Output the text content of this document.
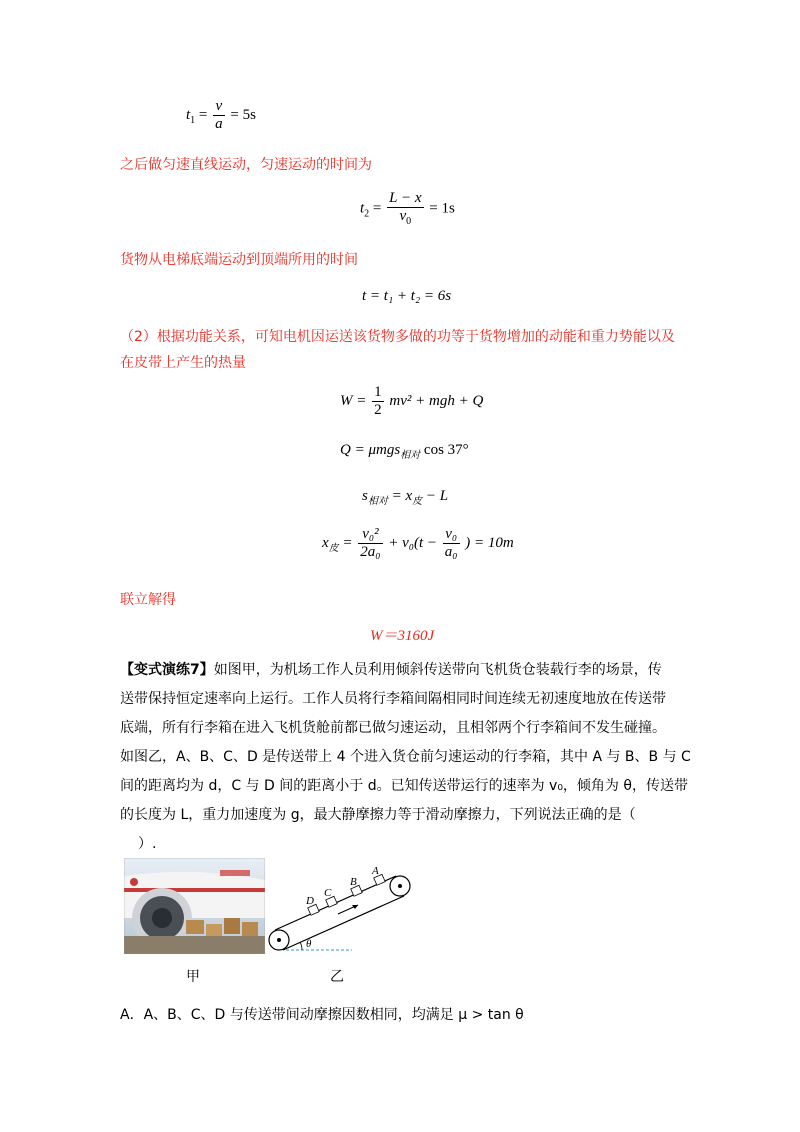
$t_1 = \frac{v}{a} = 5s$
之后做匀速直线运动，匀速运动的时间为
$t_2 = \frac{L - x}{v_0} = 1s$
货物从电梯底端运动到顶端所用的时间
t = t₁ + t₂ = 6s
（2）根据功能关系，可知电机因运送该货物多做的功等于货物增加的动能和重力势能以及
在皮带上产生的热量
$W = \frac{1}{2} mv^2$ + mgh + Q
Q = μmgs$_{相对}$ cos 37°
$s_{相对} = x_皮 - L$
$x_皮 = \frac{\text{v₀²}}{\text{2a₀}} + v_0(t - \frac{\text{v₀}}{\text{a₀}}$ ) = 10m
联立解得
W＝3160J
【变式演练7】如图甲，为机场工作人员利用倾斜传送带向飞机货仓装载行李的场景，传
送带保持恒定速率向上运行。工作人员将行李箱间隔相同时间连续无初速度地放在传送带
底端，所有行李箱在进入飞机货舱前都已做匀速运动，且相邻两个行李箱间不发生碰撞。
如图乙，A、B、C、D 是传送带上 4 个进入货仓前匀速运动的行李箱，其中 A 与 B、B 与 C
间的距离均为 d，C 与 D 间的距离小于 d。已知传送带运行的速率为 v₀，倾角为 θ，传送带
的长度为 L，重力加速度为 g，最大静摩擦力等于滑动摩擦力，下列说法正确的是（
）.
甲
D
C
B
A
θ
乙
A．A、B、C、D 与传送带间动摩擦因数相同，均满足 μ > tan θ
